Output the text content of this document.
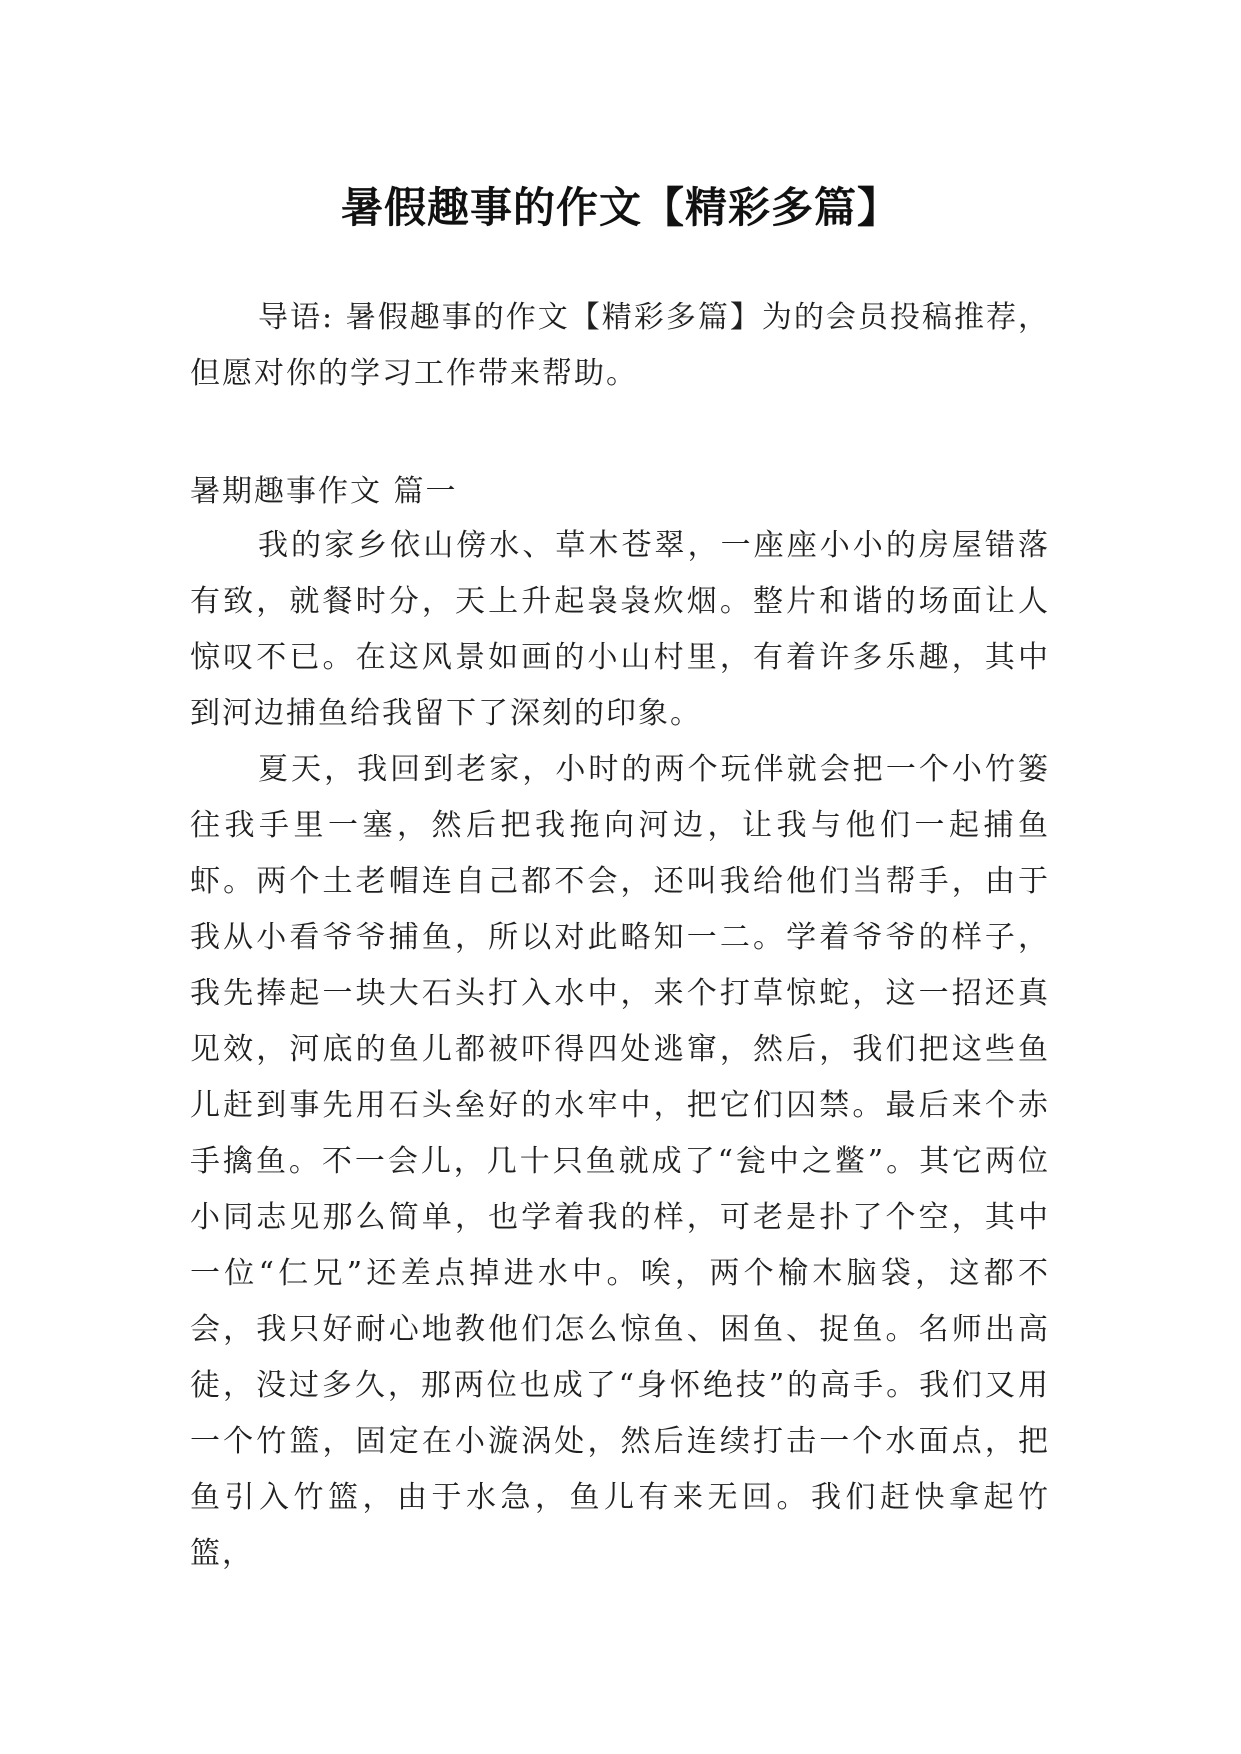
暑假趣事的作文【精彩多篇】

导语: 暑假趣事的作文【精彩多篇】为的会员投稿推荐，但愿对你的学习工作带来帮助。

暑期趣事作文 篇一

我的家乡依山傍水、草木苍翠，一座座小小的房屋错落有致，就餐时分，天上升起袅袅炊烟。整片和谐的场面让人惊叹不已。在这风景如画的小山村里，有着许多乐趣，其中到河边捕鱼给我留下了深刻的印象。

夏天，我回到老家，小时的两个玩伴就会把一个小竹篓往我手里一塞，然后把我拖向河边，让我与他们一起捕鱼虾。两个土老帽连自己都不会，还叫我给他们当帮手，由于我从小看爷爷捕鱼，所以对此略知一二。学着爷爷的样子，我先捧起一块大石头打入水中，来个打草惊蛇，这一招还真见效，河底的鱼儿都被吓得四处逃窜，然后，我们把这些鱼儿赶到事先用石头垒好的水牢中，把它们囚禁。最后来个赤手擒鱼。不一会儿，几十只鱼就成了“瓮中之鳖”。其它两位小同志见那么简单，也学着我的样，可老是扑了个空，其中一位“仁兄”还差点掉进水中。唉，两个榆木脑袋，这都不会，我只好耐心地教他们怎么惊鱼、困鱼、捉鱼。名师出高徒，没过多久，那两位也成了“身怀绝技”的高手。我们又用一个竹篮，固定在小漩涡处，然后连续打击一个水面点，把鱼引入竹篮，由于水急，鱼儿有来无回。我们赶快拿起竹篮，
